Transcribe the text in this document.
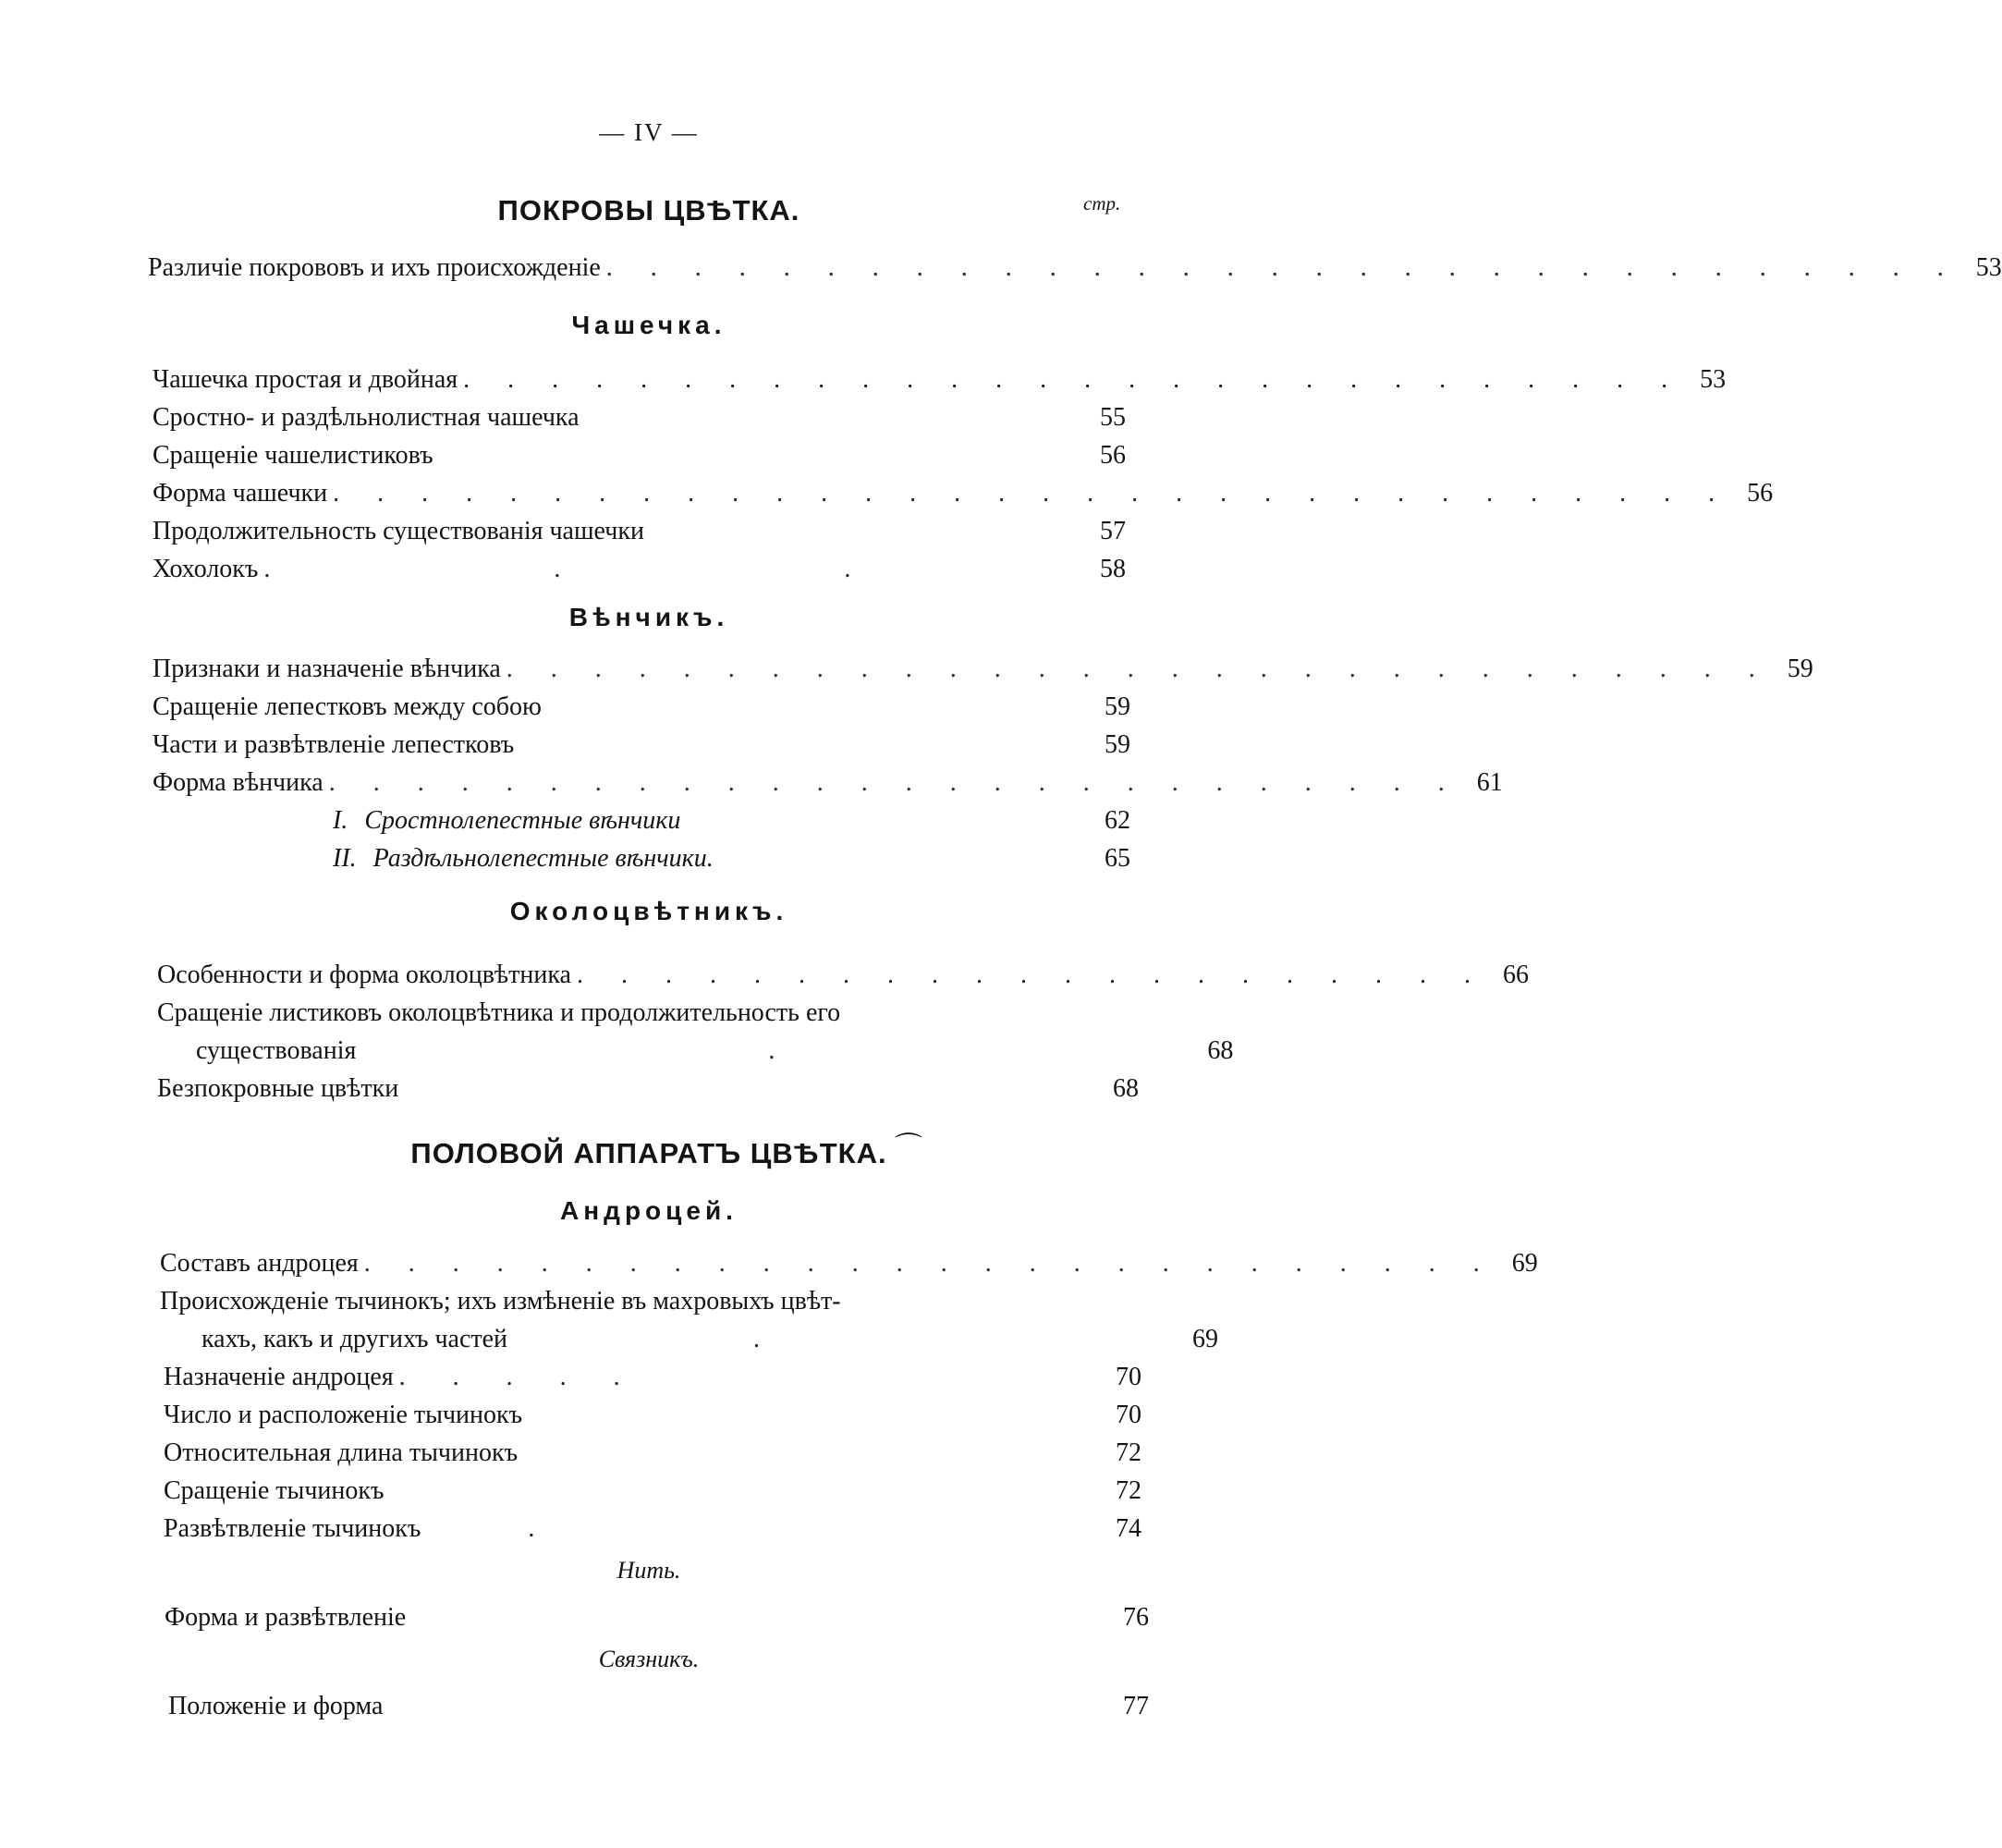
— IV —
стр.
ПОКРОВЫ ЦВѢТКА.
Различіе покрововъ и ихъ происхожденіе . . . . . . . . . . . . . . . . . . . . . . . . . . . . . . . 53
Чашечка.
Чашечка простая и двойная . . . . . . . . . . . . . . . . . . . . . . . . . . . . 53
Сростно- и раздѣльнолистная чашечка	55
Сращеніе чашелистиковъ	56
Форма чашечки . . . . . . . . . . . . . . . . . . . . . . . . . . . . . . . . 56
Продолжительность существованія чашечки	57
Хохолокъ . . .	58
Вѣнчикъ.
Признаки и назначеніе вѣнчика . . . . . . . . . . . . . . . . . . . . . . . . . . . . . 59
Сращеніе лепестковъ между собою	59
Части и развѣтвленіе лепестковъ	59
Форма вѣнчика . . . . . . . . . . . . . . . . . . . . . . . . . . 61
I. Сростнолепестные вѣнчики	62
II. Раздѣльнолепестные вѣнчики.	65
Околоцвѣтникъ.
Особенности и форма околоцвѣтника . . . . . . . . . . . . . . . . . . . . . 66
Сращеніе листиковъ околоцвѣтника и продолжительность его
существованія	. 68
Безпокровные цвѣтки	68
ПОЛОВОЙ АППАРАТЪ ЦВѢТКА. ⌒
Андроцей.
Составъ андроцея . . . . . . . . . . . . . . . . . . . . . . . . . . 69
Происхожденіе тычинокъ; ихъ измѣненіе въ махровыхъ цвѣт-
кахъ, какъ и другихъ частей	. 69
Назначеніе андроцея . . . . .	70
Число и расположеніе тычинокъ	70
Относительная длина тычинокъ	72
Сращеніе тычинокъ	72
Развѣтвленіе тычинокъ	.	74
Нить.
Форма и развѣтвленіе	76
Связникъ.
Положеніе и форма	77
